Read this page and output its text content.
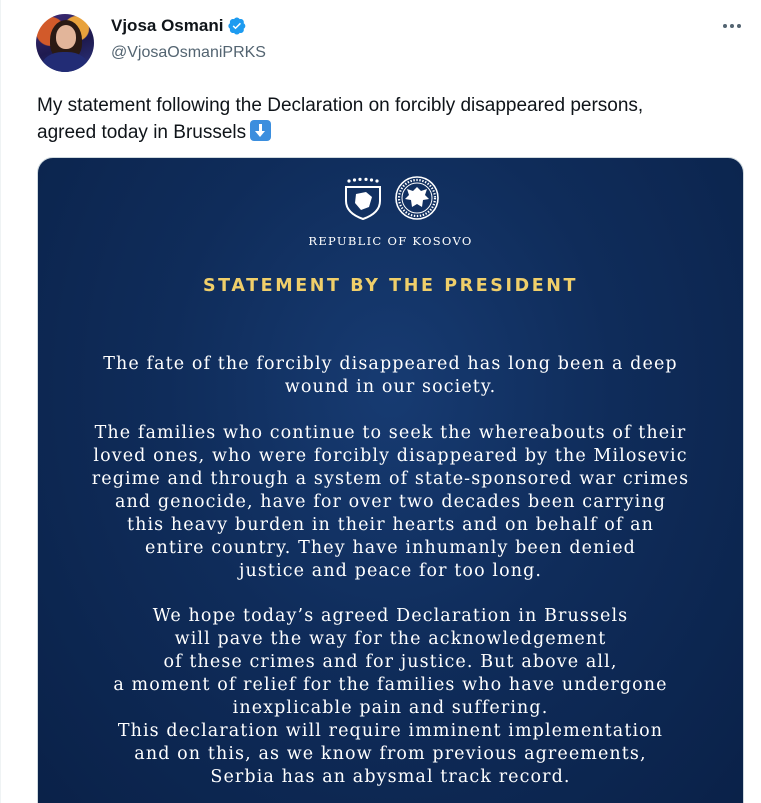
Vjosa Osmani
@VjosaOsmaniPRKS
My statement following the Declaration on forcibly disappeared persons,
agreed today in Brussels
REPUBLIC OF KOSOVO
STATEMENT BY THE PRESIDENT
The fate of the forcibly disappeared has long been a deep
wound in our society.
The families who continue to seek the whereabouts of their
loved ones, who were forcibly disappeared by the Milosevic
regime and through a system of state-sponsored war crimes
and genocide, have for over two decades been carrying
this heavy burden in their hearts and on behalf of an
entire country. They have inhumanly been denied
justice and peace for too long.
We hope today’s agreed Declaration in Brussels
will pave the way for the acknowledgement
of these crimes and for justice. But above all,
a moment of relief for the families who have undergone
inexplicable pain and suffering.
This declaration will require imminent implementation
and on this, as we know from previous agreements,
Serbia has an abysmal track record.
